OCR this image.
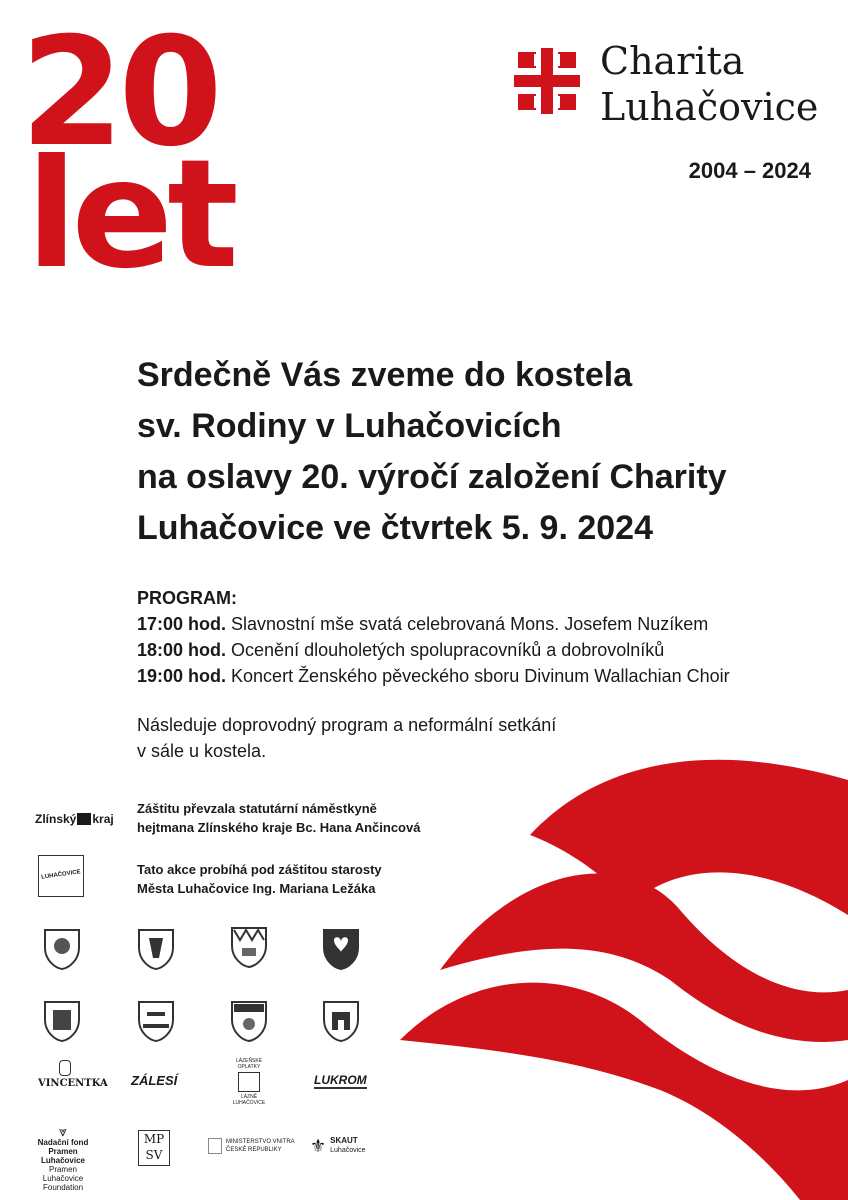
20
let
Charita
Luhačovice
2004 – 2024
Srdečně Vás zveme do kostela
sv. Rodiny v Luhačovicích
na oslavy 20. výročí založení Charity
Luhačovice ve čtvrtek 5. 9. 2024
PROGRAM:
17:00 hod. Slavnostní mše svatá celebrovaná Mons. Josefem Nuzíkem
18:00 hod. Ocenění dlouholetých spolupracovníků a dobrovolníků
19:00 hod. Koncert Ženského pěveckého sboru Divinum Wallachian Choir
Následuje doprovodný program a neformální setkání
v sále u kostela.
Záštitu převzala statutární náměstkyně
hejtmana Zlínského kraje Bc. Hana Ančincová
Tato akce probíhá pod záštitou starosty
Města Luhačovice Ing. Mariana Ležáka
Zlínský kraj
LUHAČOVICE
VINCENTKA ZÁLESÍ
LÁZEŇSKÉ OPLATKY
LÁZNĚ LUHAČOVICE
LUKROM
⩔
Nadační fond
Pramen Luhačovice
Pramen Luhačovice
Foundation
MP
SV
MINISTERSTVO VNITRA
ČESKÉ REPUBLIKY	⚜ SKAUT
Luhačovice
